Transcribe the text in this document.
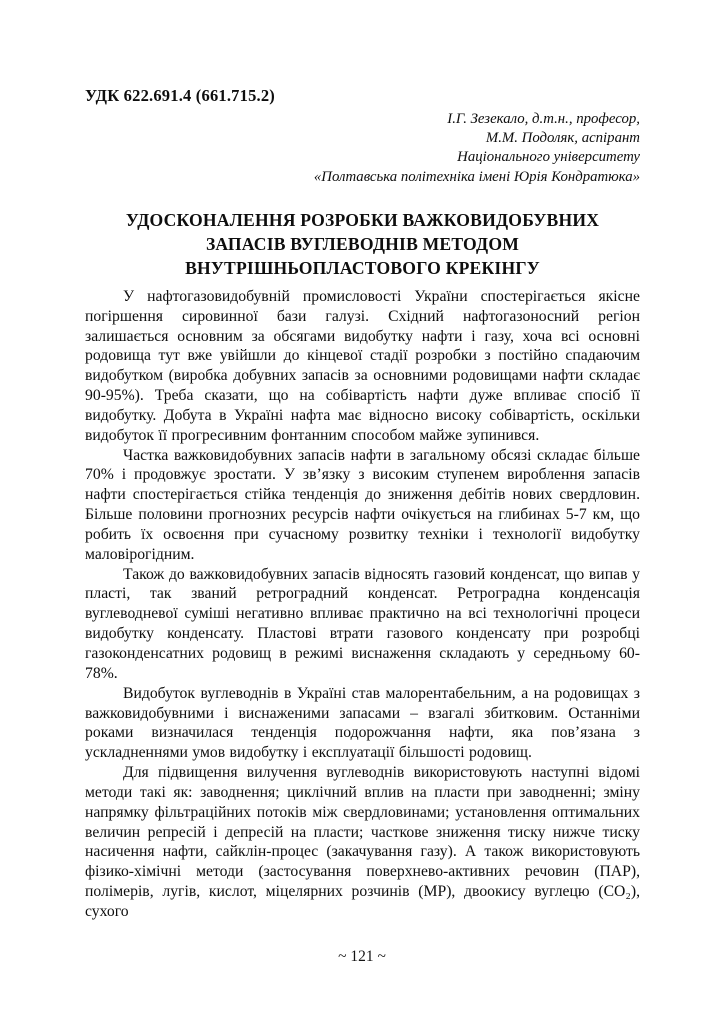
УДК 622.691.4 (661.715.2)
І.Г. Зезекало, д.т.н., професор,
М.М. Подоляк, аспірант
Національного університету
«Полтавська політехніка імені Юрія Кондратюка»
УДОСКОНАЛЕННЯ РОЗРОБКИ ВАЖКОВИДОБУВНИХ
ЗАПАСІВ ВУГЛЕВОДНІВ МЕТОДОМ
ВНУТРІШНЬОПЛАСТОВОГО КРЕКІНГУ

У нафтогазовидобувній промисловості України спостерігається якісне погіршення сировинної бази галузі. Східний нафтогазоносний регіон залишається основним за обсягами видобутку нафти і газу, хоча всі основні родовища тут вже увійшли до кінцевої стадії розробки з постійно спадаючим видобутком (виробка добувних запасів за основними родовищами нафти складає 90-95%). Треба сказати, що на собівартість нафти дуже впливає спосіб її видобутку. Добута в Україні нафта має відносно високу собівартість, оскільки видобуток її прогресивним фонтанним способом майже зупинився.

Частка важковидобувних запасів нафти в загальному обсязі складає більше 70% і продовжує зростати. У зв’язку з високим ступенем вироблення запасів нафти спостерігається стійка тенденція до зниження дебітів нових свердловин. Більше половини прогнозних ресурсів нафти очікується на глибинах 5-7 км, що робить їх освоєння при сучасному розвитку техніки і технології видобутку маловірогідним.

Також до важковидобувних запасів відносять газовий конденсат, що випав у пласті, так званий ретроградний конденсат. Ретроградна конденсація вуглеводневої суміші негативно впливає практично на всі технологічні процеси видобутку конденсату. Пластові втрати газового конденсату при розробці газоконденсатних родовищ в режимі виснаження складають у середньому 60-78%.

Видобуток вуглеводнів в Україні став малорентабельним, а на родовищах з важковидобувними і виснаженими запасами – взагалі збитковим. Останніми роками визначилася тенденція подорожчання нафти, яка пов’язана з ускладненнями умов видобутку і експлуатації більшості родовищ.

Для підвищення вилучення вуглеводнів використовують наступні відомі методи такі як: заводнення; циклічний вплив на пласти при заводненні; зміну напрямку фільтраційних потоків між свердловинами; установлення оптимальних величин репресій і депресій на пласти; часткове зниження тиску нижче тиску насичення нафти, сайклін-процес (закачування газу). А також використовують фізико-хімічні методи (застосування поверхнево-активних речовин (ПАР), полімерів, лугів, кислот, міцелярних розчинів (МР), двоокису вуглецю (CO₂), сухого

~ 121 ~
